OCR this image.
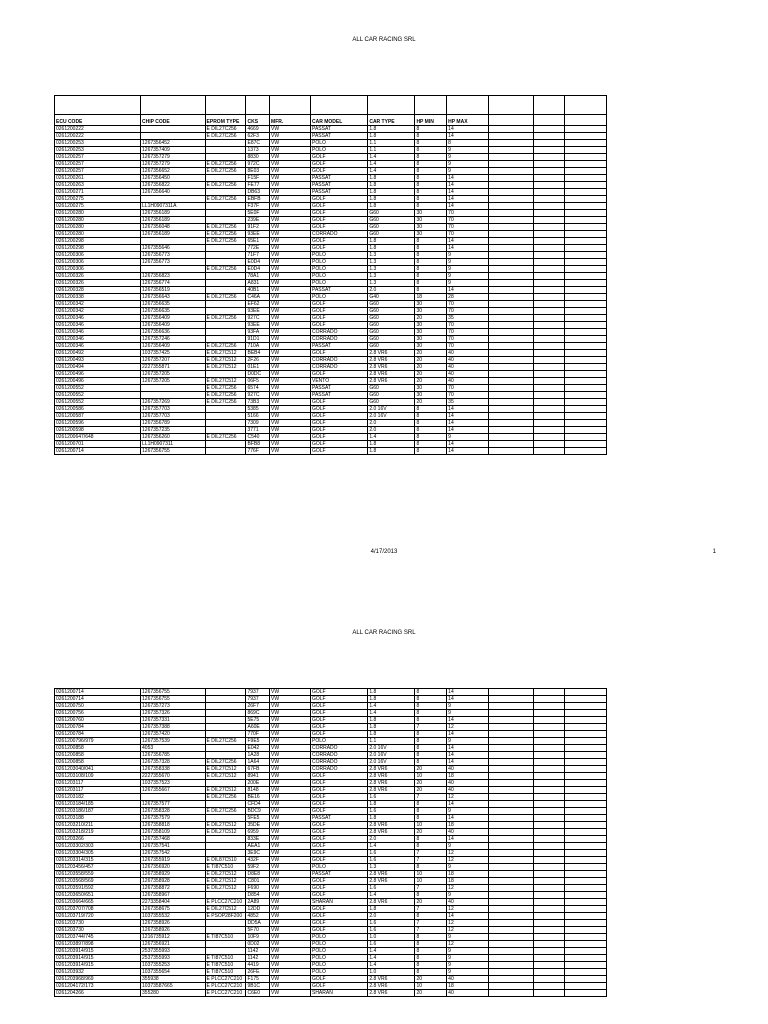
ALL CAR RACING SRL

ECU CODE	CHIP CODE	EPROM TYPE	CKS	MFR.	CAR MODEL	CAR TYPE	HP MIN	HP MAX			
0261200222		E DIL27C256	4669	VW	PASSAT	1.8	8	14			
0261200222		E DIL27C256	62F3	VW	PASSAT	1.8	8	14			
0261200253	1267356452		E87C	VW	POLO	1.1	8	8			
0261200253	1267357409		1373	VW	POLO	1.1	8	9			
0261200257	1267357279		8830	VW	GOLF	1.4	8	9			
0261200257	1267357279	E DIL27C256	972C	VW	GOLF	1.4	8	9			
0261200257	1267356652	E DIL27C256	8E03	VW	GOLF	1.4	8	9			
0261200261	1267356450		F15F	VW	PASSAT	1.8	8	14			
0261200263	1267356822	E DIL27C256	FE77	VW	PASSAT	1.8	8	14			
0261200271	1267356640		DB63	VW	PASSAT	1.8	8	14			
0261200275		E DIL27C256	EBFB	VW	GOLF	1.8	8	14			
0261200275	LL1H0907311A		F37F	VW	GOLF	1.8	8	14			
0261200280	1267356189		5E0F	VW	GOLF	G60	30	70			
0261200280	1267356189		239E	VW	GOLF	G60	30	70			
0261200280	1267356048	E DIL27C256	91F2	VW	GOLF	G60	30	70			
0261200280	1267356189	E DIL27C256	93EE	VW	CORRADO	G60	30	70			
0261200298		E DIL27C256	65E1	VW	GOLF	1.8	8	14			
0261200298	1267355646		772E	VW	GOLF	1.8	8	14			
0261200306	1267356773		71F7	VW	POLO	1.3	8	9			
0261200306	1267356773		E0D4	VW	POLO	1.3	8	9			
0261200306		E DIL27C256	E0D4	VW	POLO	1.3	8	9			
0261200326	1267356823		78A1	VW	POLO	1.3	8	9			
0261200326	1267356774		A831	VW	POLO	1.3	8	9			
0261200328	1267356519		40B1	VW	PASSAT	2.0	8	14			
0261200338	1267356643	E DIL27C256	C46A	VW	POLO	G40	18	28			
0261200342	1267356635		EF62	VW	GOLF	G60	30	70			
0261200342	1267356635		93EE	VW	GOLF	G60	30	70			
0261200346	1267356409	E DIL27C256	927C	VW	GOLF	G60	20	35			
0261200346	1267356409		93EE	VW	GOLF	G60	30	70			
0261200346	1267356636		93FA	VW	CORRADO	G60	30	70			
0261200346	1267357246		91D1	VW	CORRADO	G60	30	70			
0261200346	1267356409	E DIL27C256	710A	VW	PASSAT	G60	30	70			
0261200492	1037357425	E DIL27C512	BEB4	VW	GOLF	2.8 VR6	20	40			
0261200493	1267357207	E DIL27C512	2F26	VW	CORRADO	2.8 VR6	20	40			
0261200494	2227355871	E DIL27C512	01E1	VW	CORRADO	2.8 VR6	20	40			
0261200496	1267357205		D0DC	VW	GOLF	2.8 VR6	20	40			
0261200496	1267357205	E DIL27C512	06F5	VW	VENTO	2.8 VR6	20	40			
0261200552		E DIL27C256	6574	VW	PASSAT	G60	30	70			
0261200552		E DIL27C256	927C	VW	PASSAT	G60	30	70			
0261200552	1267357269	E DIL27C256	73B3	VW	GOLF	G60	20	35			
0261200586	1267357703		5385	VW	GOLF	2.0 16V	8	14			
0261200587	1267357703		5166	VW	GOLF	2.0 16V	8	14			
0261200596	1267356789		7309	VW	GOLF	2.0	8	14			
0261200598	1267357235		3771	VW	GOLF	2.0	8	14			
0261200647/648	1267356260	E DIL27C256	C540	VW	GOLF	1.4	8	9			
0261200701	LL1H0907311		BFB8	VW	GOLF	1.8	8	14			
0261200714	1267356755		776F	VW	GOLF	1.8	8	14			
4/17/2013	1
ALL CAR RACING SRL
0261200714	1267356755		7937	VW	GOLF	1.8	8	14			
0261200714	1267356755		7937	VW	GOLF	1.8	8	14			
0261200750	1267357273		26F7	VW	GOLF	1.4	8	9			
0261200756	1267357326		869C	VW	GOLF	1.4	8	9			
0261200760	1267357331		5E75	VW	GOLF	1.8	8	14			
0261200784	1267357388		A60E	VW	GOLF	1.8	7	12			
0261200784	1267357420		770F	VW	GOLF	1.8	8	14			
0261200796/979	1267357539	E DIL27C256	F9E5	VW	POLO	1.1	8	9			
0261200858	4053		E042	VW	CORRADO	2.0 16V	8	14			
0261200858	1267356785		1A28	VW	CORRADO	2.0 16V	8	14			
0261200858	1267357328	E DIL27C256	1A64	VW	CORRADO	2.0 16V	8	14			
0261203040/041	1267358338	E DIL27C512	67FB	VW	CORRADO	2.8 VR6	20	40			
0261203108/109	2227355670	E DIL27C512	8941	VW	GOLF	2.8 VR6	10	18			
0261203117	1037357523		200E	VW	GOLF	2.8 VR6	20	40			
0261203117	1267355667	E DIL27C512	8148	VW	GOLF	2.8 VR6	20	40			
0261203182		E DIL27C256	BE16	VW	GOLF	1.6	7	12			
0261203184/185	1267357577		CFD4	VW	GOLF	1.8	8	14			
0261203186/187	1267358328	E DIL27C256	BDC9	VW	GOLF	1.6	8	9			
0261203188	1267357579		5FE5	VW	PASSAT	1.8	8	14			
0261203210/211	1267358818	E DIL27C512	35DE	VW	GOLF	2.8 VR6	10	18			
0261203218/219	1267358109	E DIL27C512	6959	VW	GOLF	2.8 VR6	20	40			
0261203266	1267357468		833E	VW	GOLF	2.0	8	14			
0261203302/303	1267357541		AEA1	VW	GOLF	1.4	8	9			
0261203304/305	1267357542		3E9C	VW	GOLF	1.6	7	12			
0261203314/315	1267355919	E DIL87C510	432F	VW	GOLF	1.6	7	12			
0261203456/457	1267356920	E TI87C510	59F2	VW	POLO	1.3	8	9			
0261203558/559	1267358929	E DIL27C512	D8E8	VW	PASSAT	2.8 VR6	10	18			
0261203568/569	1267358928	E DIL27C512	C801	VW	GOLF	2.8 VR6	10	18			
0261203591/592	1267358872	E DIL27C512	F690	VW	GOLF	1.6	7	12			
0261203650/651	1267358967		D854	VW	GOLF	1.4	8	9			
0261203664/665	2273358404	E PLCC27C210	2A89	VW	SHARAN	2.8 VR6	20	40			
0261203707/708	1267358675	E DIL27C512	12DD	VW	GOLF	1.8	7	12			
0261203719/720	1037355532	E PSOP28F200	4852	VW	GOLF	2.0	8	14			
0261203730	1267358926		DD5A	VW	GOLF	1.6	7	12			
0261203730	1267358926		5F70	VW	GOLF	1.6	7	12			
0261203744/745	1216735912	E TI87C510	10F9	VW	POLO	1.0	8	9			
0261203897/898	1267356921		0D02	VW	POLO	1.6	8	12			
0261203914/915	2537355993		1142	VW	POLO	1.4	8	9			
0261203914/915	2537355993	E TI87C510	1142	VW	POLO	1.4	8	9			
0261203914/915	1037355253	E TI87C510	4419	VW	POLO	1.4	8	9			
0261203932	1037355654	E TI87C510	26FE	VW	POLO	1.0	8	9			
0261203968/969	355938	E PLCC27C210	F175	VW	GOLF	2.8 VR6	20	40			
0261204172/173	10373587665	E PLCC27C210	9B1C	VW	GOLF	2.8 VR6	10	18			
0261204266	355280	E PLCC27C210	C6E0	VW	SHARAN	2.8 VR6	20	40			
